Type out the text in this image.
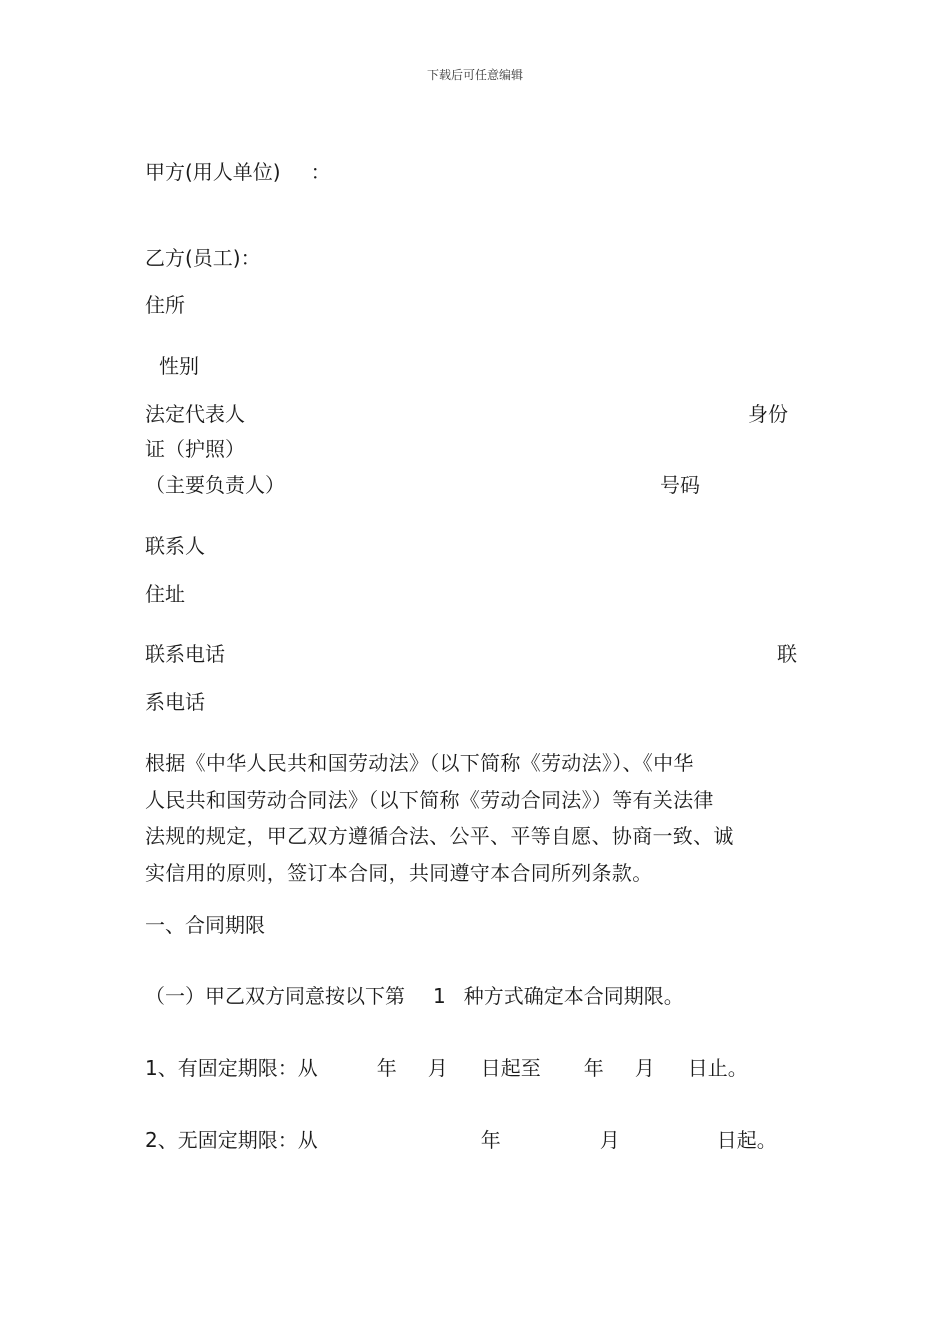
下载后可任意编辑
甲方(用人单位) ：
乙方(员工)：
住所
性别
法定代表人	身份
证（护照）
（主要负责人）	号码
联系人
住址
联系电话	联
系电话
根据《中华人民共和国劳动法》（以下简称《劳动法》）、《中华
人民共和国劳动合同法》（以下简称《劳动合同法》）等有关法律
法规的规定，甲乙双方遵循合法、公平、平等自愿、协商一致、诚
实信用的原则，签订本合同，共同遵守本合同所列条款。
一、合同期限
（一）甲乙双方同意按以下第 1 种方式确定本合同期限。
1、有固定期限：从	年 月 日起至 年 月 日止。
2、无固定期限：从	年	月	日起。
